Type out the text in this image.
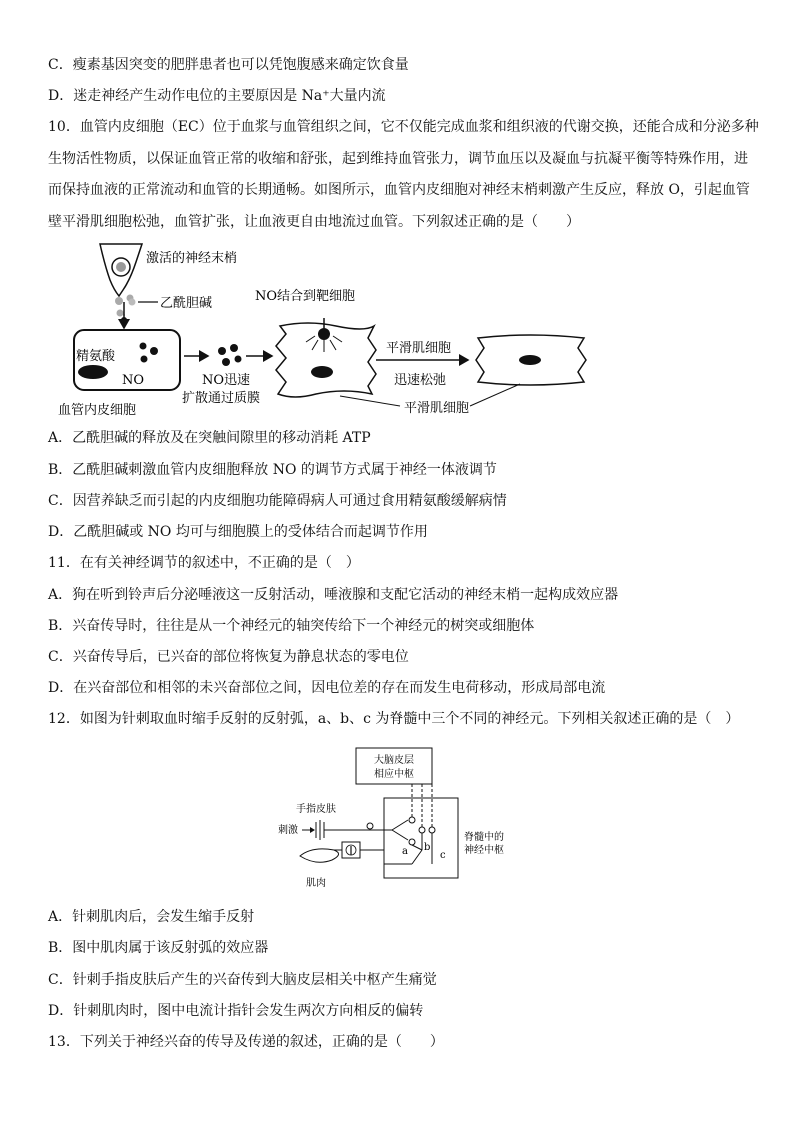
C．瘦素基因突变的肥胖患者也可以凭饱腹感来确定饮食量
D．迷走神经产生动作电位的主要原因是 Na⁺大量内流
10．血管内皮细胞（EC）位于血浆与血管组织之间，它不仅能完成血浆和组织液的代谢交换，还能合成和分泌多种
生物活性物质，以保证血管正常的收缩和舒张，起到维持血管张力，调节血压以及凝血与抗凝平衡等特殊作用，进
而保持血液的正常流动和血管的长期通畅。如图所示，血管内皮细胞对神经末梢刺激产生反应，释放 O，引起血管
壁平滑肌细胞松弛，血管扩张，让血液更自由地流过血管。下列叙述正确的是（　　）
激活的神经末梢
乙酰胆碱
精氨酸
NO
血管内皮细胞
NO迅速
扩散通过质膜
NO结合到靶细胞
平滑肌细胞
迅速松弛
平滑肌细胞
A．乙酰胆碱的释放及在突触间隙里的移动消耗 ATP
B．乙酰胆碱刺激血管内皮细胞释放 NO 的调节方式属于神经一体液调节
C．因营养缺乏而引起的内皮细胞功能障碍病人可通过食用精氨酸缓解病情
D．乙酰胆碱或 NO 均可与细胞膜上的受体结合而起调节作用
11．在有关神经调节的叙述中，不正确的是（　）
A．狗在听到铃声后分泌唾液这一反射活动，唾液腺和支配它活动的神经末梢一起构成效应器
B．兴奋传导时，往往是从一个神经元的轴突传给下一个神经元的树突或细胞体
C．兴奋传导后，已兴奋的部位将恢复为静息状态的零电位
D．在兴奋部位和相邻的未兴奋部位之间，因电位差的存在而发生电荷移动，形成局部电流
12．如图为针刺取血时缩手反射的反射弧，a、b、c 为脊髓中三个不同的神经元。下列相关叙述正确的是（　）
大脑皮层
相应中枢
脊髓中的
神经中枢
手指皮肤
刺激
a b
c
肌肉
A．针刺肌肉后，会发生缩手反射
B．图中肌肉属于该反射弧的效应器
C．针刺手指皮肤后产生的兴奋传到大脑皮层相关中枢产生痛觉
D．针刺肌肉时，图中电流计指针会发生两次方向相反的偏转
13．下列关于神经兴奋的传导及传递的叙述，正确的是（　　）
